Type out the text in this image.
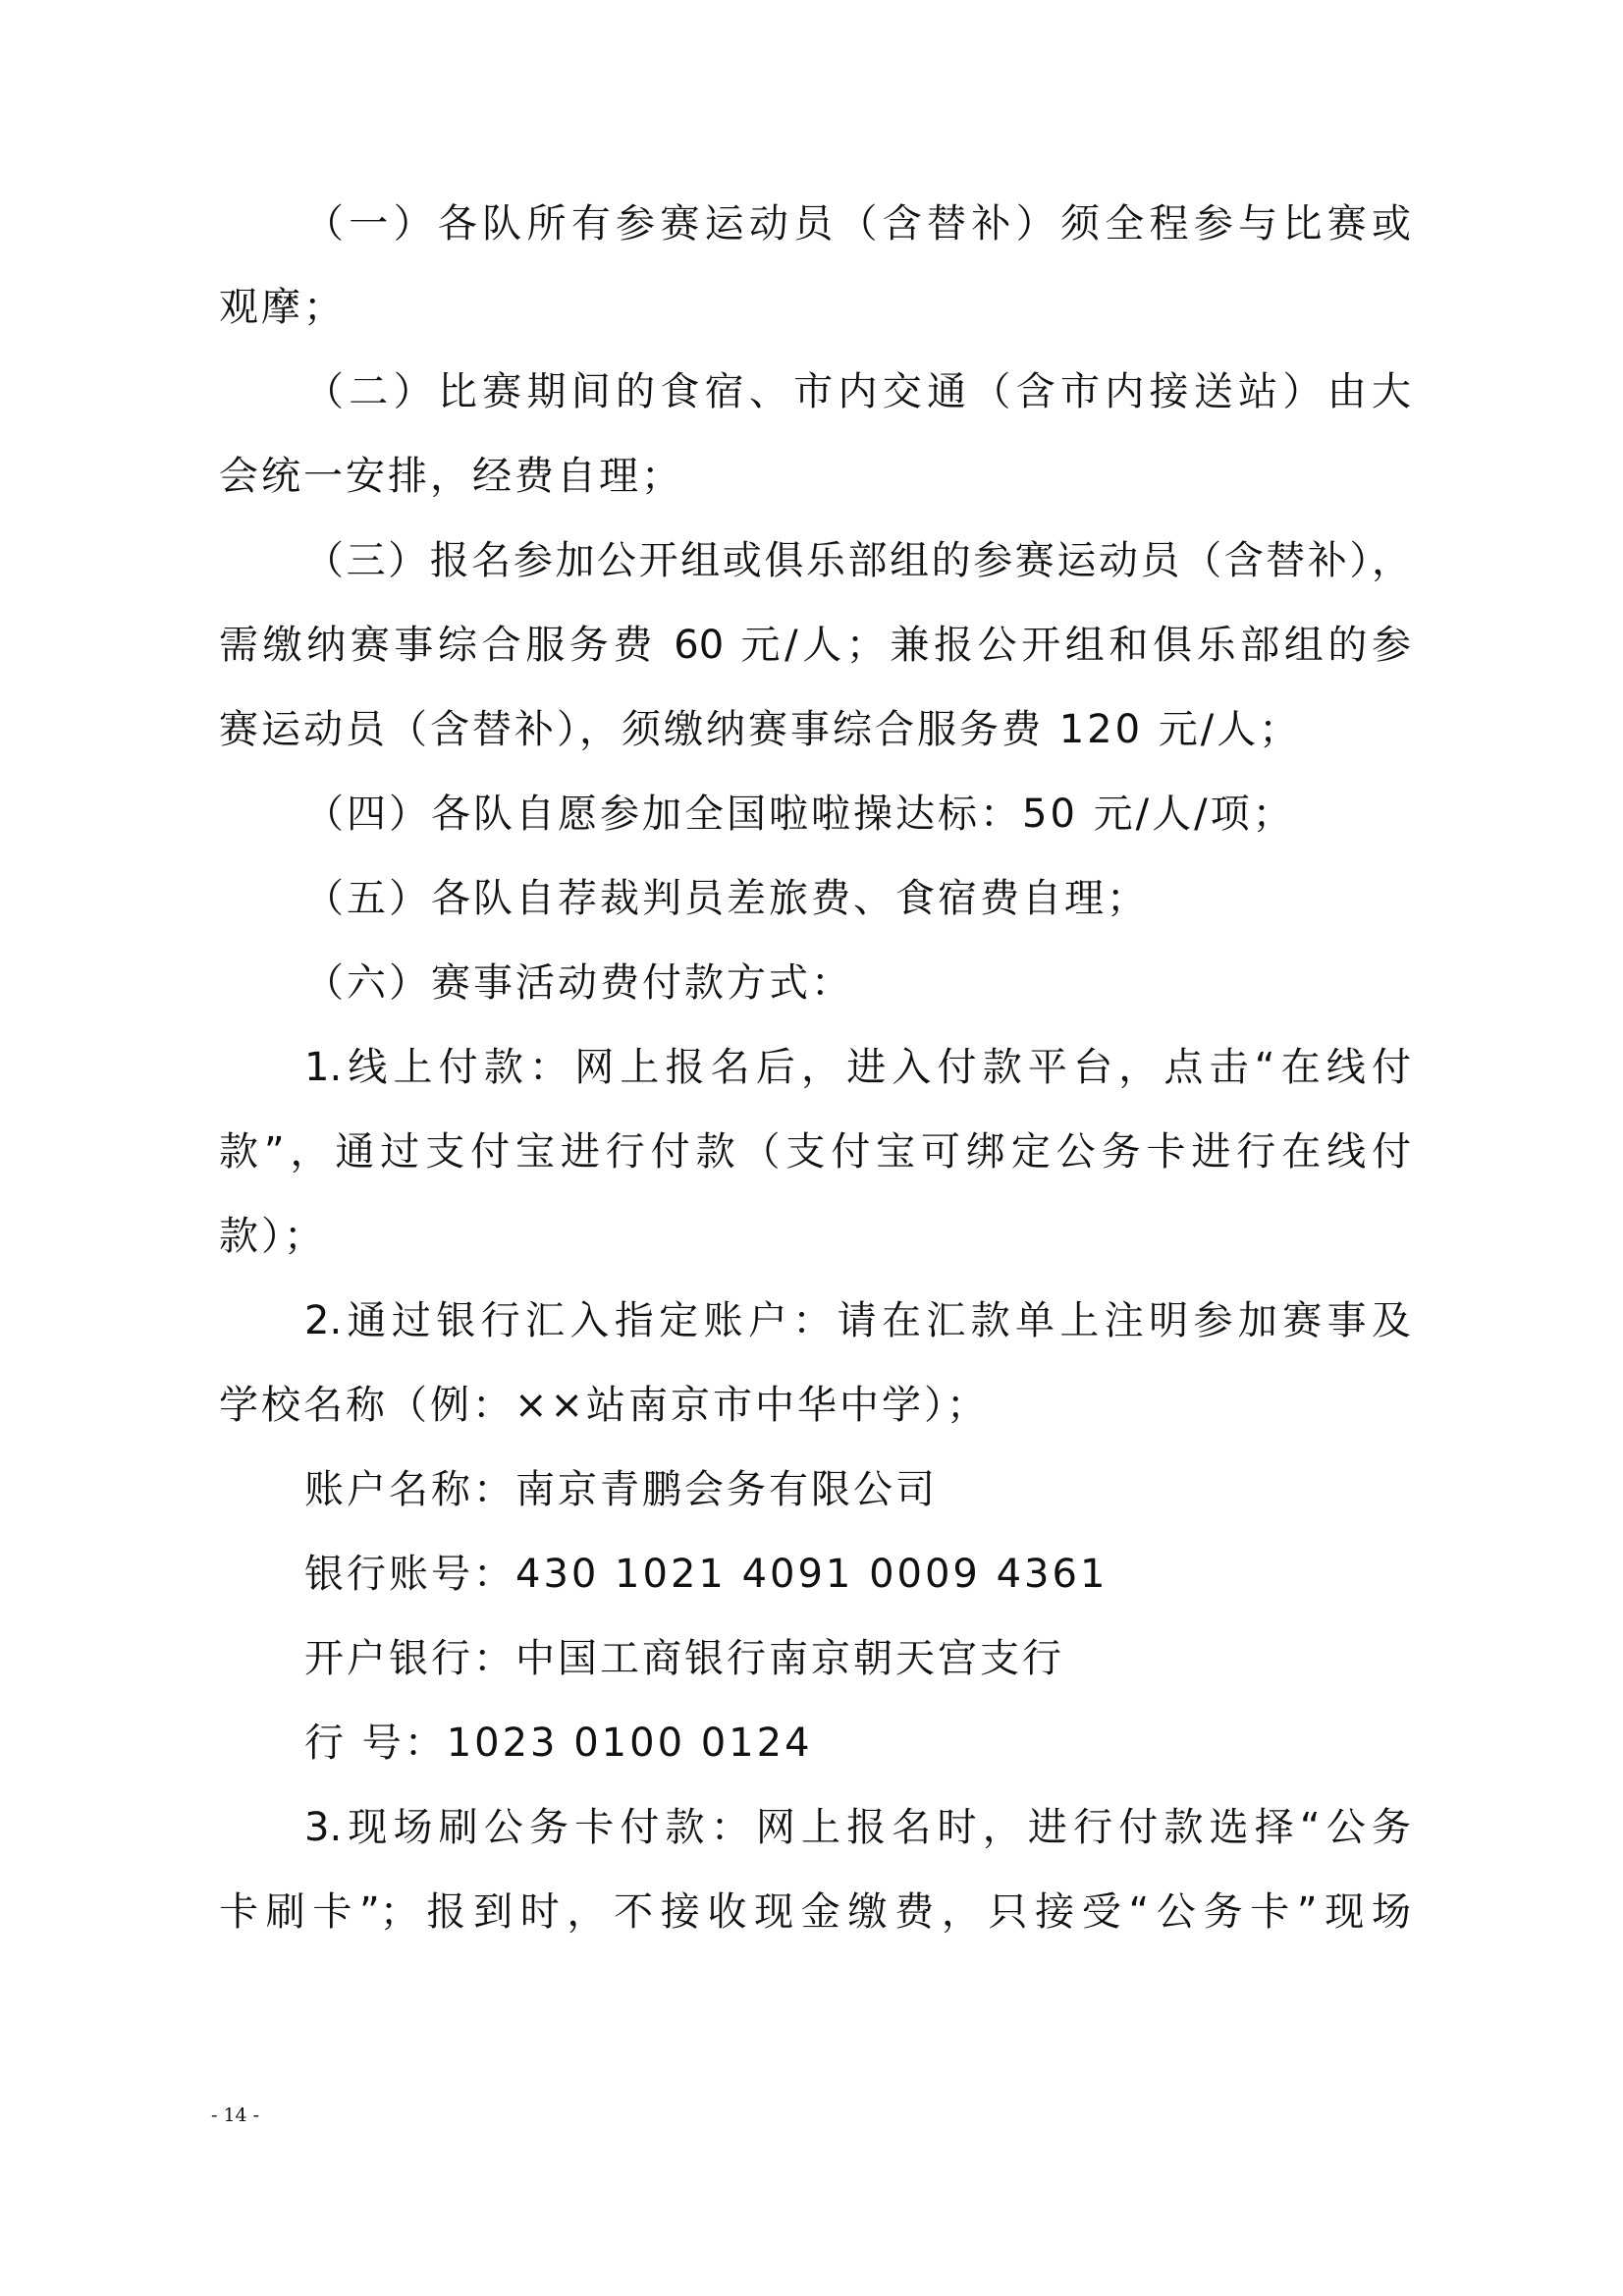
（一）各队所有参赛运动员（含替补）须全程参与比赛或
观摩；
（二）比赛期间的食宿、市内交通（含市内接送站）由大
会统一安排，经费自理；
（三）报名参加公开组或俱乐部组的参赛运动员（含替补），
需缴纳赛事综合服务费 60 元/人；兼报公开组和俱乐部组的参
赛运动员（含替补），须缴纳赛事综合服务费 120 元/人；
（四）各队自愿参加全国啦啦操达标：50 元/人/项；
（五）各队自荐裁判员差旅费、食宿费自理；
（六）赛事活动费付款方式：
1.线上付款：网上报名后，进入付款平台，点击“在线付
款”，通过支付宝进行付款（支付宝可绑定公务卡进行在线付
款）；
2.通过银行汇入指定账户：请在汇款单上注明参加赛事及
学校名称（例：××站南京市中华中学）；
账户名称：南京青鹏会务有限公司
银行账号：430 1021 4091 0009 4361
开户银行：中国工商银行南京朝天宫支行
行 号：1023 0100 0124
3.现场刷公务卡付款：网上报名时，进行付款选择“公务
卡刷卡”；报到时，不接收现金缴费，只接受“公务卡”现场
- 14 -
